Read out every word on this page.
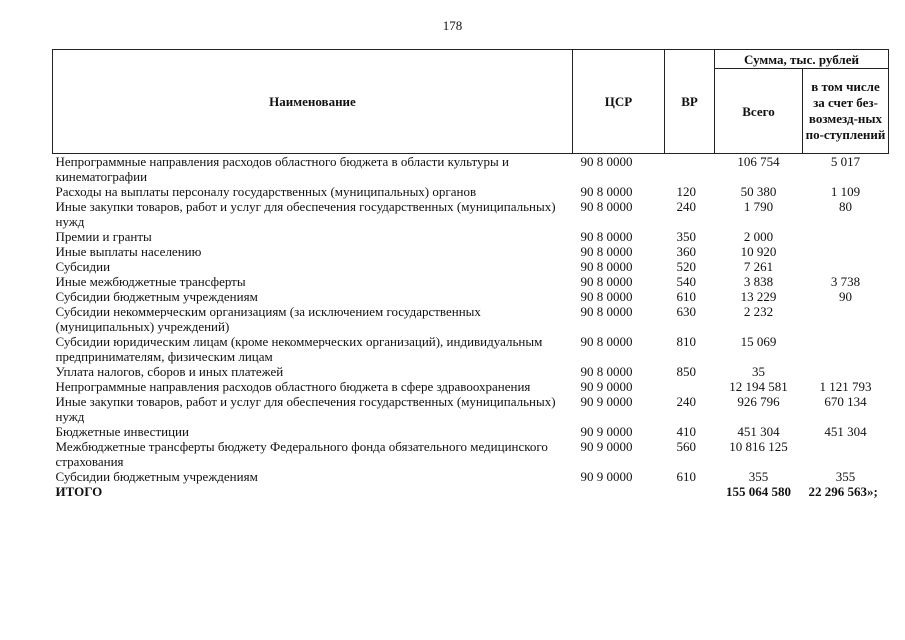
178
Наименование	ЦСР	ВР	Сумма, тыс. рублей	
			Всего	в том числе за счет без-возмезд-ных по-ступлений
Непрограммные направления расходов областного бюджета в области культуры и кинематографии	90 8 0000		106 754	5 017
Расходы на выплаты персоналу государственных (муниципальных) органов	90 8 0000	120	50 380	1 109
Иные закупки товаров, работ и услуг для обеспечения государственных (муниципальных) нужд	90 8 0000	240	1 790	80
Премии и гранты	90 8 0000	350	2 000	
Иные выплаты населению	90 8 0000	360	10 920	
Субсидии	90 8 0000	520	7 261	
Иные межбюджетные трансферты	90 8 0000	540	3 838	3 738
Субсидии бюджетным учреждениям	90 8 0000	610	13 229	90
Субсидии некоммерческим организациям (за исключением государственных (муниципальных) учреждений)	90 8 0000	630	2 232	
Субсидии юридическим лицам (кроме некоммерческих организаций), индивидуальным предпринимателям, физическим лицам	90 8 0000	810	15 069	
Уплата налогов, сборов и иных платежей	90 8 0000	850	35	
Непрограммные направления расходов областного бюджета в сфере здравоохранения	90 9 0000		12 194 581	1 121 793
Иные закупки товаров, работ и услуг для обеспечения государственных (муниципальных) нужд	90 9 0000	240	926 796	670 134
Бюджетные инвестиции	90 9 0000	410	451 304	451 304
Межбюджетные трансферты бюджету Федерального фонда обязательного медицинского страхования	90 9 0000	560	10 816 125	
Субсидии бюджетным учреждениям	90 9 0000	610	355	355
ИТОГО			155 064 580	22 296 563»;
